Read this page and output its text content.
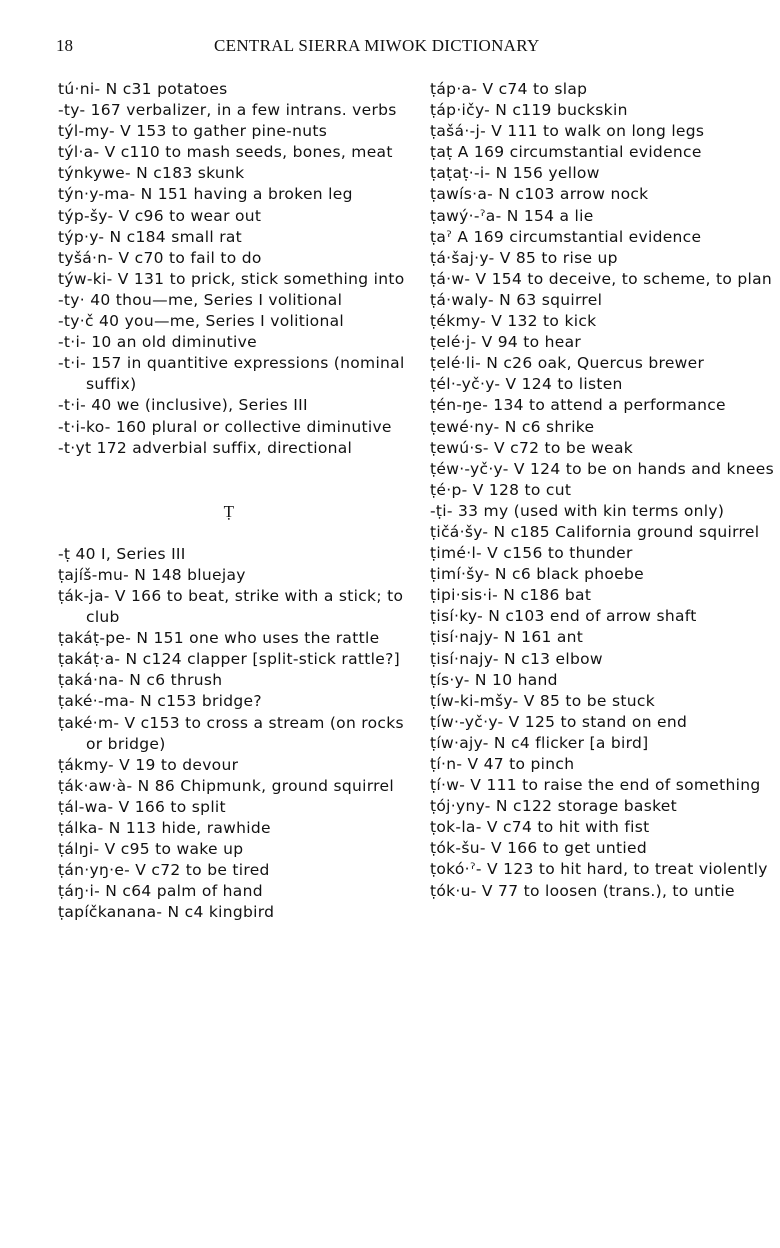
18	CENTRAL SIERRA MIWOK DICTIONARY
tú·ni- N c31 potatoes
-ty- 167 verbalizer, in a few intrans. verbs
týl-my- V 153 to gather pine-nuts
týl·a- V c110 to mash seeds, bones, meat
týnkywe- N c183 skunk
týn·y-ma- N 151 having a broken leg
týp-šy- V c96 to wear out
týp·y- N c184 small rat
tyšá·n- V c70 to fail to do
týw-ki- V 131 to prick, stick something into
-ty· 40 thou—me, Series I volitional
-ty·č 40 you—me, Series I volitional
-t·i- 10 an old diminutive
-t·i- 157 in quantitive expressions (nominal suffix)
-t·i- 40 we (inclusive), Series III
-t·i-ko- 160 plural or collective diminutive
-t·yt 172 adverbial suffix, directional
Ṭ
-ṭ 40 I, Series III
ṭajíš-mu- N 148 bluejay
ṭák-ja- V 166 to beat, strike with a stick; to club
ṭakáṭ-pe- N 151 one who uses the rattle
ṭakáṭ·a- N c124 clapper [split-stick rattle?]
ṭaká·na- N c6 thrush
ṭaké·-ma- N c153 bridge?
ṭaké·m- V c153 to cross a stream (on rocks or bridge)
ṭákmy- V 19 to devour
ṭák·aw·à- N 86 Chipmunk, ground squirrel
ṭál-wa- V 166 to split
ṭálka- N 113 hide, rawhide
ṭálŋi- V c95 to wake up
ṭán·yŋ·e- V c72 to be tired
ṭáŋ·i- N c64 palm of hand
ṭapíčkanana- N c4 kingbird
ṭáp·a- V c74 to slap
ṭáp·ičy- N c119 buckskin
ṭašá·-j- V 111 to walk on long legs
ṭaṭ A 169 circumstantial evidence
ṭaṭaṭ·-i- N 156 yellow
ṭawís·a- N c103 arrow nock
ṭawý·-ˀa- N 154 a lie
ṭaˀ A 169 circumstantial evidence
ṭá·šaj·y- V 85 to rise up
ṭá·w- V 154 to deceive, to scheme, to plan
ṭá·waly- N 63 squirrel
ṭékmy- V 132 to kick
ṭelé·j- V 94 to hear
ṭelé·li- N c26 oak, Quercus brewer
ṭél·-yč·y- V 124 to listen
ṭén-ŋe- 134 to attend a performance
ṭewé·ny- N c6 shrike
ṭewú·s- V c72 to be weak
ṭéw·-yč·y- V 124 to be on hands and knees
ṭé·p- V 128 to cut
-ṭi- 33 my (used with kin terms only)
ṭičá·šy- N c185 California ground squirrel
ṭimé·l- V c156 to thunder
ṭimí·šy- N c6 black phoebe
ṭipi·sis·i- N c186 bat
ṭisí·ky- N c103 end of arrow shaft
ṭisí·najy- N 161 ant
ṭisí·najy- N c13 elbow
ṭís·y- N 10 hand
ṭíw-ki-mšy- V 85 to be stuck
ṭíw·-yč·y- V 125 to stand on end
ṭíw·ajy- N c4 flicker [a bird]
ṭí·n- V 47 to pinch
ṭí·w- V 111 to raise the end of something
ṭój·yny- N c122 storage basket
ṭok-la- V c74 to hit with fist
ṭók-šu- V 166 to get untied
ṭokó·ˀ- V 123 to hit hard, to treat violently
ṭók·u- V 77 to loosen (trans.), to untie
